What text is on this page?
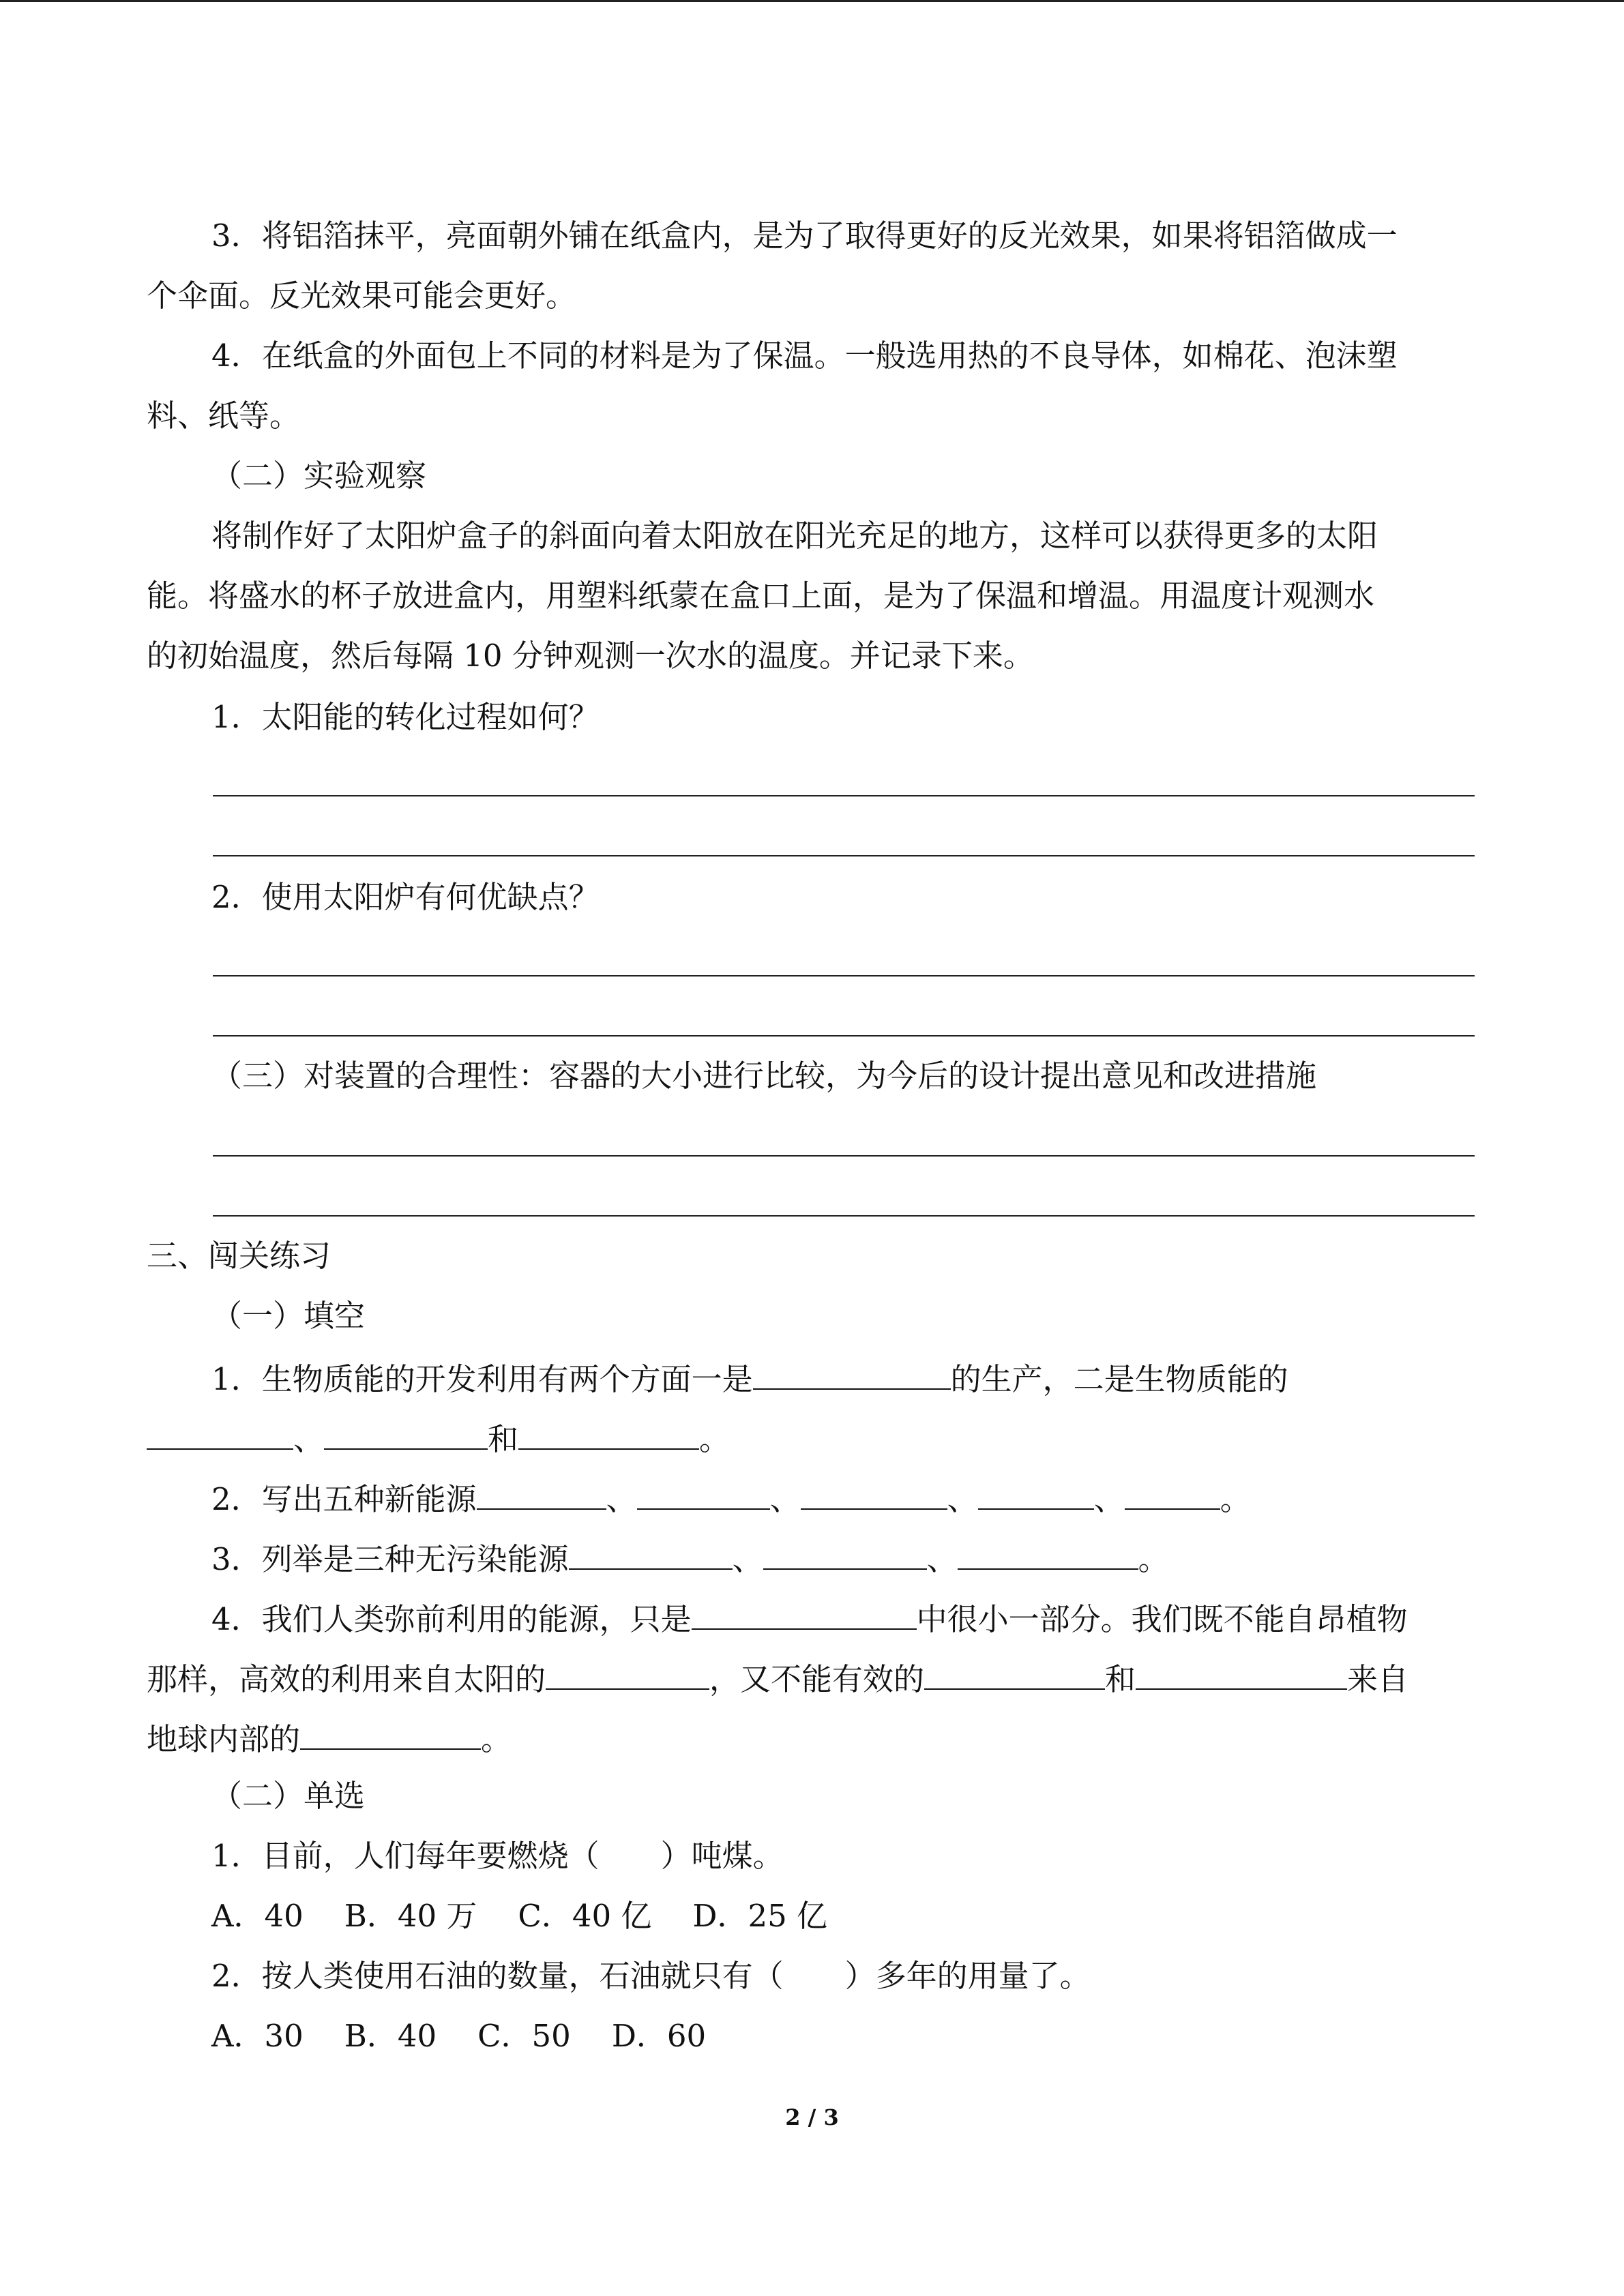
3．将铝箔抹平，亮面朝外铺在纸盒内，是为了取得更好的反光效果，如果将铝箔做成一
个伞面。反光效果可能会更好。
4．在纸盒的外面包上不同的材料是为了保温。一般选用热的不良导体，如棉花、泡沫塑
料、纸等。
（二）实验观察
将制作好了太阳炉盒子的斜面向着太阳放在阳光充足的地方，这样可以获得更多的太阳
能。将盛水的杯子放进盒内，用塑料纸蒙在盒口上面，是为了保温和增温。用温度计观测水
的初始温度，然后每隔 10 分钟观测一次水的温度。并记录下来。
1．太阳能的转化过程如何？
2．使用太阳炉有何优缺点？
（三）对装置的合理性：容器的大小进行比较，为今后的设计提出意见和改进措施
三、闯关练习
（一）填空
1．生物质能的开发利用有两个方面一是	的生产，二是生物质能的
、	和	。
2．写出五种新能源	、	、	、	、	。
3．列举是三种无污染能源	、	、	。
4．我们人类弥前利用的能源，只是	中很小一部分。我们既不能自昂植物
那样，高效的利用来自太阳的	，又不能有效的	和	来自
地球内部的	。
（二）单选
1．目前，人们每年要燃烧（　　）吨煤。
A．40 B．40 万 C．40 亿 D．25 亿
2．按人类使用石油的数量，石油就只有（　　）多年的用量了。
A．30 B．40 C．50 D．60
2 / 3
